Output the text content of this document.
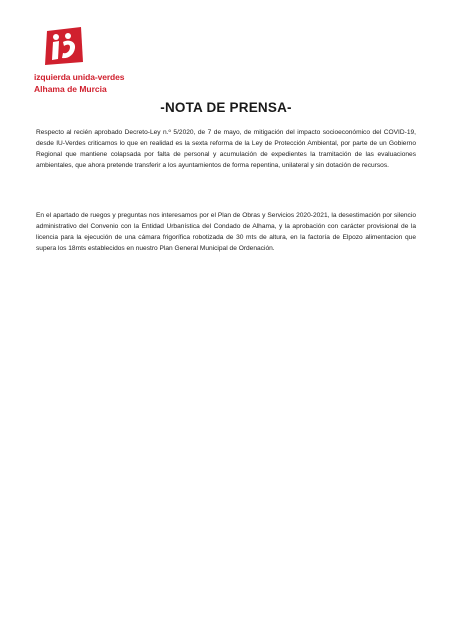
izquierda unida-verdes
Alhama de Murcia
-NOTA DE PRENSA-
Respecto al recién aprobado Decreto-Ley n.º 5/2020, de 7 de mayo, de mitigación del impacto socioeconómico del COVID-19, desde IU-Verdes criticamos lo que en realidad es la sexta reforma de la Ley de Protección Ambiental, por parte de un Gobierno Regional que mantiene colapsada por falta de personal y acumulación de expedientes la tramitación de las evaluaciones ambientales, que ahora pretende transferir a los ayuntamientos de forma repentina, unilateral y sin dotación de recursos.
En el apartado de ruegos y preguntas nos interesamos por el Plan de Obras y Servicios 2020-2021, la desestimación por silencio administrativo del Convenio con la Entidad Urbanística del Condado de Alhama, y la aprobación con carácter provisional de la licencia para la ejecución de una cámara frigorífica robotizada de 30 mts de altura, en la factoría de Elpozo alimentacion que supera los 18mts establecidos en nuestro Plan General Municipal de Ordenación.
